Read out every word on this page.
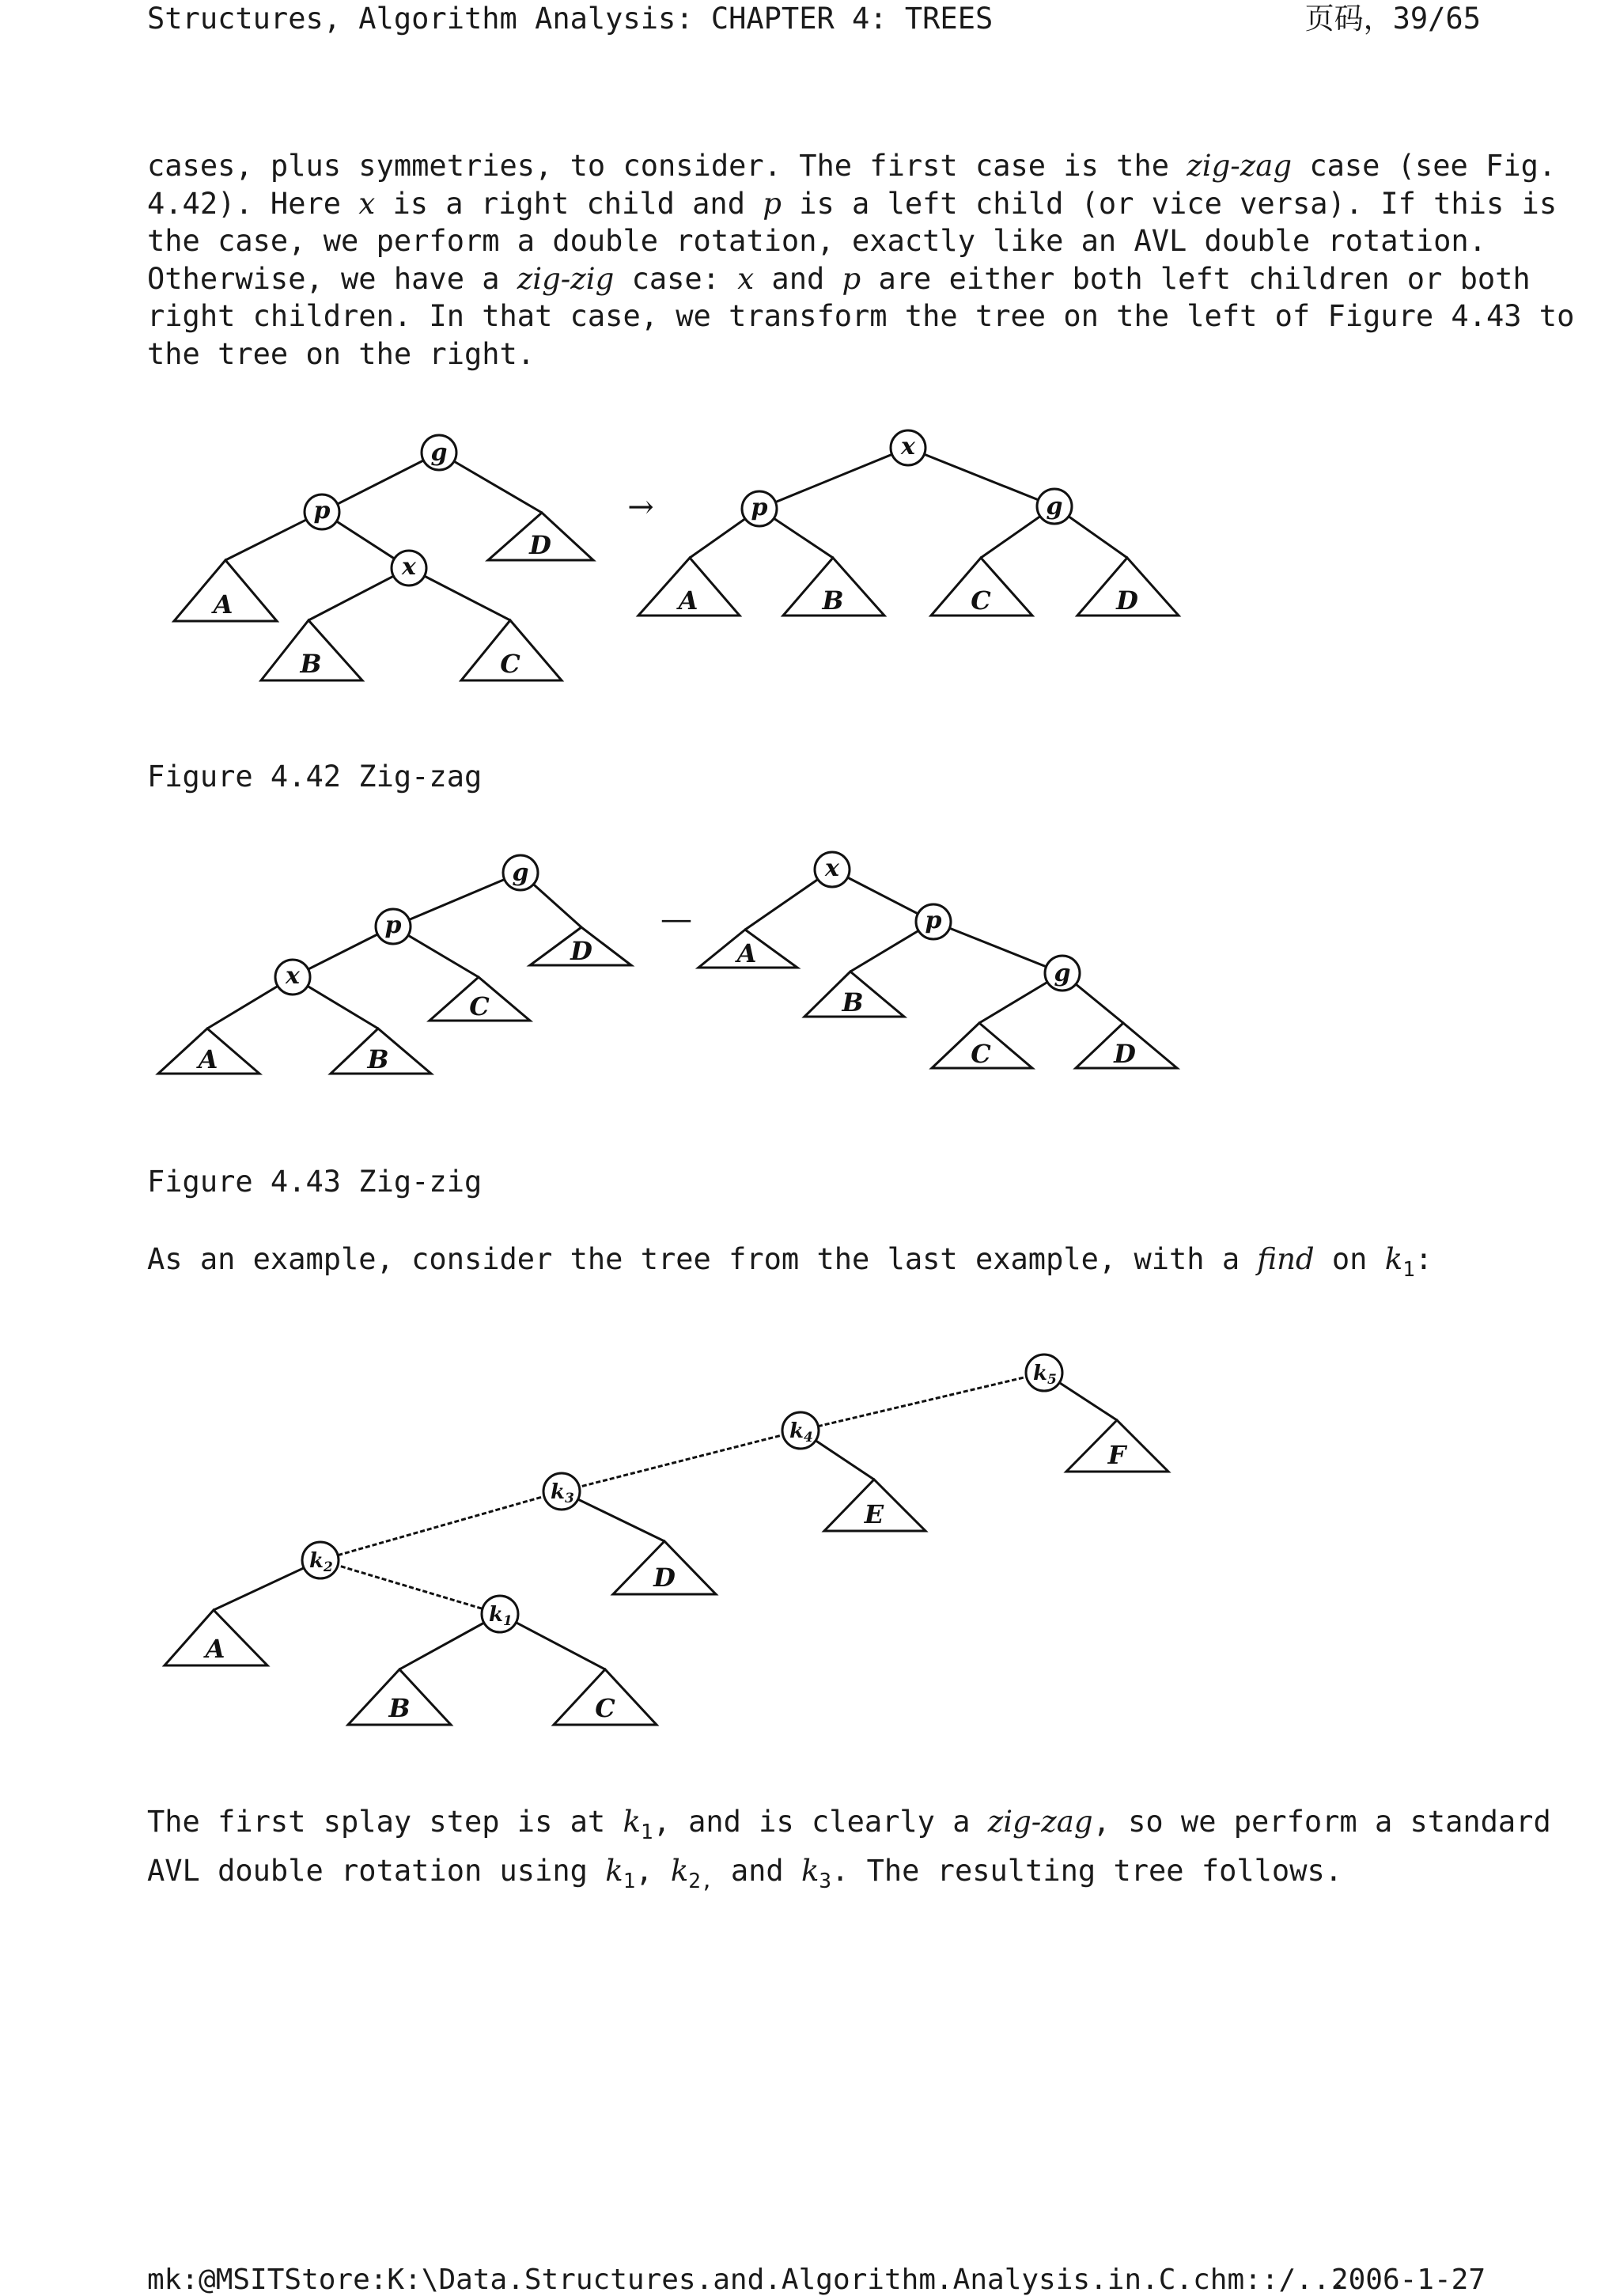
Structures, Algorithm Analysis: CHAPTER 4: TREES	页码，39/65
cases, plus symmetries, to consider. The first case is the zig-zag case (see Fig.
4.42). Here x is a right child and p is a left child (or vice versa). If this is
the case, we perform a double rotation, exactly like an AVL double rotation.
Otherwise, we have a zig-zig case: x and p are either both left children or both
right children. In that case, we transform the tree on the left of Figure 4.43 to
the tree on the right.
g
p
x
x
p	g
A
D
B	C
A	B	C	D
→
Figure 4.42 Zig-zag
g
p
x
x
p
g
D
C
A	B
A
B
C	D
—
Figure 4.43 Zig-zig
As an example, consider the tree from the last example, with a find on $k_1$:
k5
k4
k3
k2
k1
F
E
D
A
B	C
The first splay step is at $k_1$, and is clearly a zig-zag, so we perform a standard
AVL double rotation using $k_1$, $k_{2,}$ and $k_3$. The resulting tree follows.
mk:@MSITStore:K:\Data.Structures.and.Algorithm.Analysis.in.C.chm::/...
2006-1-27
